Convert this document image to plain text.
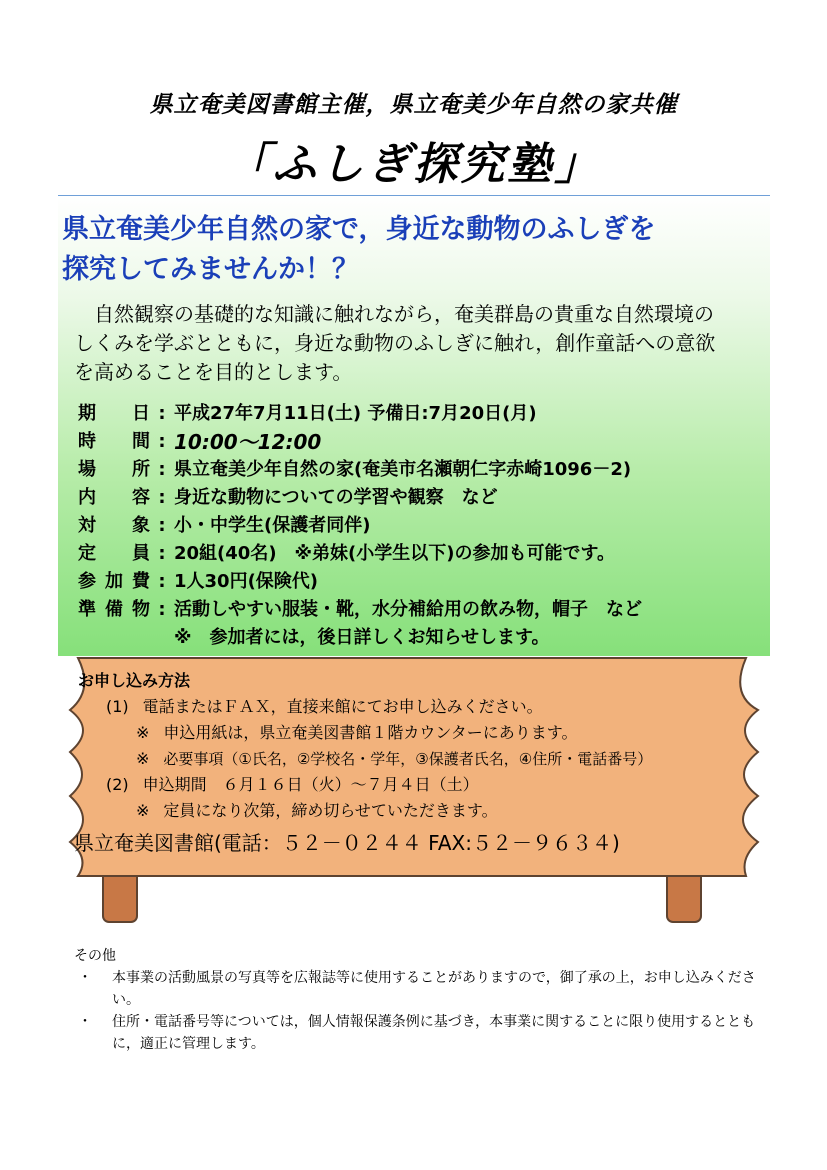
県立奄美図書館主催，県立奄美少年自然の家共催
「ふしぎ探究塾」
県立奄美少年自然の家で，身近な動物のふしぎを
探究してみませんか！？
自然観察の基礎的な知識に触れながら，奄美群島の貴重な自然環境の
しくみを学ぶとともに，身近な動物のふしぎに触れ，創作童話への意欲
を高めることを目的とします。
期 日 : 平成27年7月11日(土) 予備日:7月20日(月)
時 間 : 10:00～12:00
場 所 : 県立奄美少年自然の家(奄美市名瀬朝仁字赤崎1096－2)
内 容 : 身近な動物についての学習や観察　など
対 象 : 小・中学生(保護者同伴)
定 員 : 20組(40名)　※弟妹(小学生以下)の参加も可能です。
参加費 : 1人30円(保険代)
準備物 : 活動しやすい服装・靴，水分補給用の飲み物，帽子　など
※　参加者には，後日詳しくお知らせします。
お申し込み方法
(1) 電話またはＦＡＸ，直接来館にてお申し込みください。
※ 申込用紙は，県立奄美図書館１階カウンターにあります。
※ 必要事項（①氏名，②学校名・学年，③保護者氏名，④住所・電話番号）
(2) 申込期間　６月１６日（火）～７月４日（土）
※ 定員になり次第，締め切らせていただきます。
県立奄美図書館(電話：５２－０２４４ FAX:５２－９６３４)
その他
・	本事業の活動風景の写真等を広報誌等に使用することがありますので，御了承の上，お申し込みください。
・	住所・電話番号等については，個人情報保護条例に基づき，本事業に関することに限り使用するとともに，適正に管理します。
